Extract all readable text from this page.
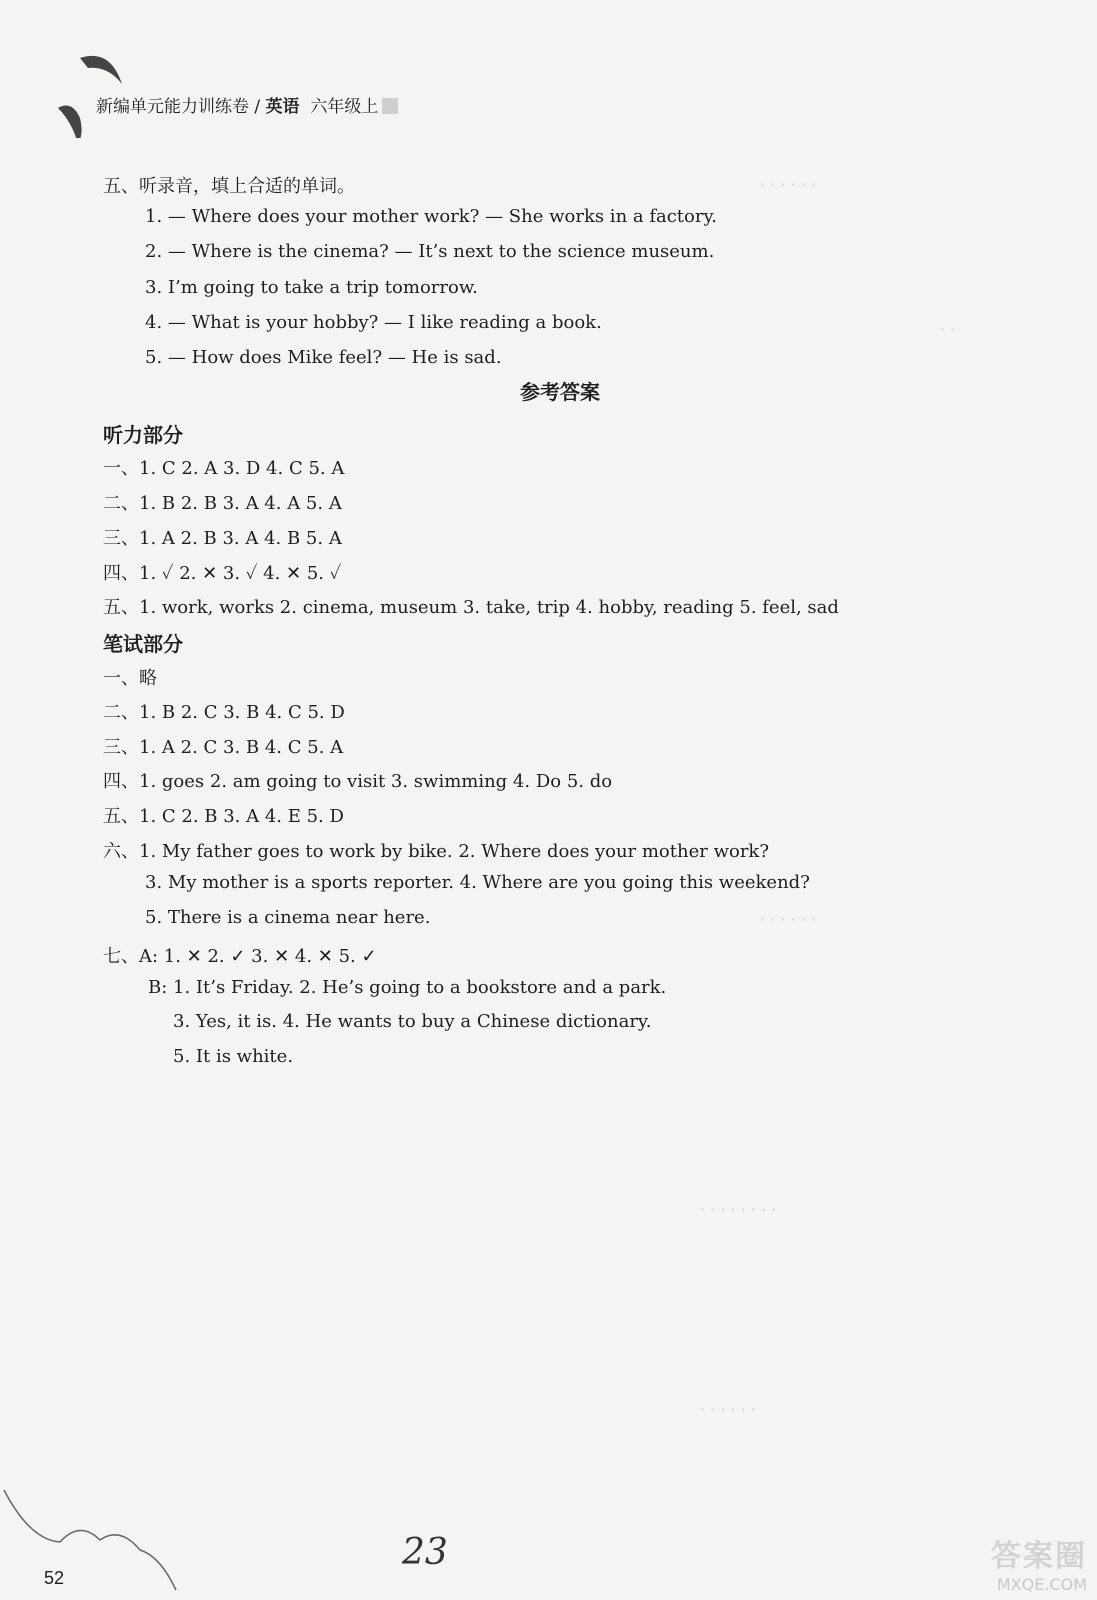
· · · · · ·
· ·
· · · · · ·
· · · · · · · ·
· · · · · ·
新编单元能力训练卷 / 英语 六年级上
五、听录音，填上合适的单词。
1. — Where does your mother work? — She works in a factory.
2. — Where is the cinema? — It’s next to the science museum.
3. I’m going to take a trip tomorrow.
4. — What is your hobby? — I like reading a book.
5. — How does Mike feel? — He is sad.
参考答案
听力部分
一、1. C 2. A 3. D 4. C 5. A
二、1. B 2. B 3. A 4. A 5. A
三、1. A 2. B 3. A 4. B 5. A
四、1. ✓ 2. ✕ 3. ✓ 4. ✕ 5. ✓
五、1. work, works 2. cinema, museum 3. take, trip 4. hobby, reading 5. feel, sad
笔试部分
一、略
二、1. B 2. C 3. B 4. C 5. D
三、1. A 2. C 3. B 4. C 5. A
四、1. goes 2. am going to visit 3. swimming 4. Do 5. do
五、1. C 2. B 3. A 4. E 5. D
六、1. My father goes to work by bike. 2. Where does your mother work?
3. My mother is a sports reporter. 4. Where are you going this weekend?
5. There is a cinema near here.
七、A: 1. ✕ 2. ✓ 3. ✕ 4. ✕ 5. ✓
B: 1. It’s Friday. 2. He’s going to a bookstore and a park.
3. Yes, it is. 4. He wants to buy a Chinese dictionary.
5. It is white.
52
23	答案圈
MXQE.COM
